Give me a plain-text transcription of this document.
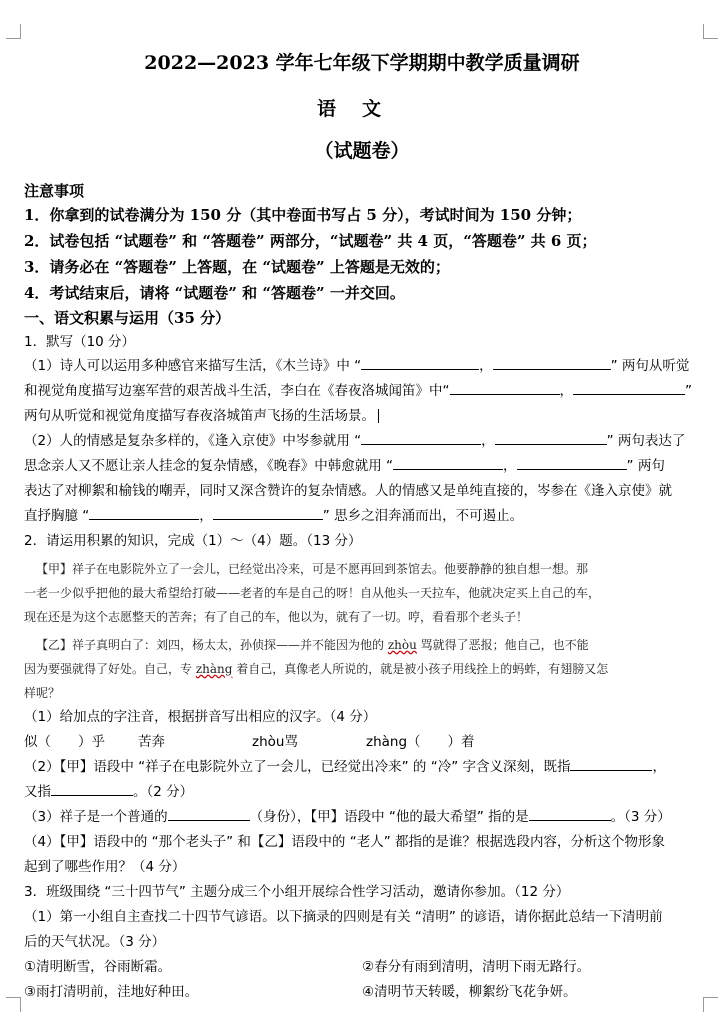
2022—2023 学年七年级下学期期中教学质量调研
语文
（试题卷）
注意事项
1．你拿到的试卷满分为 150 分（其中卷面书写占 5 分），考试时间为 150 分钟；
2．试卷包括 “试题卷” 和 “答题卷” 两部分，“试题卷” 共 4 页，“答题卷” 共 6 页；
3．请务必在 “答题卷” 上答题，在 “试题卷” 上答题是无效的；
4．考试结束后，请将 “试题卷” 和 “答题卷” 一并交回。
一、语文积累与运用（35 分）
1．默写（10 分）
（1）诗人可以运用多种感官来描写生活，《木兰诗》中 “	，	” 两句从听觉
和视觉角度描写边塞军营的艰苦战斗生活，李白在《春夜洛城闻笛》中“	，	”
两句从听觉和视觉角度描写春夜洛城笛声飞扬的生活场景。
（2）人的情感是复杂多样的，《逢入京使》中岑参就用 “	，	” 两句表达了
思念亲人又不愿让亲人挂念的复杂情感，《晚春》中韩愈就用 “	，	” 两句
表达了对柳絮和榆钱的嘲弄，同时又深含赞许的复杂情感。人的情感又是单纯直接的，岑参在《逢入京使》就
直抒胸臆 “	，	” 思乡之泪奔涌而出，不可遏止。
2．请运用积累的知识，完成（1）～（4）题。（13 分）
【甲】祥子在电影院外立了一会儿，已经觉出冷来，可是不愿再回到茶馆去。他要静静的独自想一想。那
一老一少似乎把他的最大希望给打破——老者的车是自己的呀！自从他头一天拉车，他就决定买上自己的车，
现在还是为这个志愿整天的苦奔；有了自己的车，他以为，就有了一切。哼，看看那个老头子！
【乙】祥子真明白了：刘四，杨太太，孙侦探——并不能因为他的 zhòu 骂就得了恶报；他自己，也不能
因为要强就得了好处。自己，专 zhàng 着自己，真像老人所说的，就是被小孩子用线拴上的蚂蚱，有翅膀又怎
样呢？
（1）给加点的字注音，根据拼音写出相应的汉字。（4 分）
似（　　）乎	苦奔	zhòu骂	zhàng（　　）着
（2）【甲】语段中 “祥子在电影院外立了一会儿，已经觉出冷来” 的 “冷” 字含义深刻，既指	，
又指	。（2 分）
（3）祥子是一个普通的	（身份），【甲】语段中 “他的最大希望” 指的是	。（3 分）
（4）【甲】语段中的 “那个老头子” 和【乙】语段中的 “老人” 都指的是谁？根据选段内容，分析这个物形象
起到了哪些作用？（4 分）
3．班级围绕 “三十四节气” 主题分成三个小组开展综合性学习活动，邀请你参加。（12 分）
（1）第一小组自主查找二十四节气谚语。以下摘录的四则是有关 “清明” 的谚语，请你据此总结一下清明前
后的天气状况。（3 分）
①清明断雪，谷雨断霜。	②春分有雨到清明，清明下雨无路行。
③雨打清明前，洼地好种田。	④清明节天转暖，柳絮纷飞花争妍。
